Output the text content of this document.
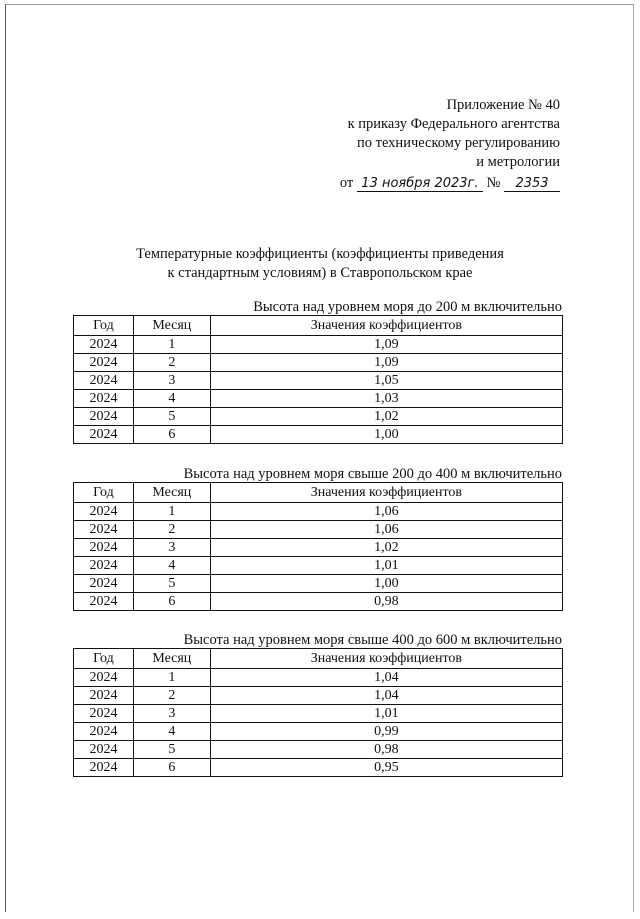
Приложение № 40
к приказу Федерального агентства
по техническому регулированию
и метрологии
от 13 ноября 2023г. № 2353
Температурные коэффициенты (коэффициенты приведения
к стандартным условиям) в Ставропольском крае
Высота над уровнем моря до 200 м включительно
Год	Месяц	Значения коэффициентов
2024	1	1,09
2024	2	1,09
2024	3	1,05
2024	4	1,03
2024	5	1,02
2024	6	1,00
Высота над уровнем моря свыше 200 до 400 м включительно
Год	Месяц	Значения коэффициентов
2024	1	1,06
2024	2	1,06
2024	3	1,02
2024	4	1,01
2024	5	1,00
2024	6	0,98
Высота над уровнем моря свыше 400 до 600 м включительно
Год	Месяц	Значения коэффициентов
2024	1	1,04
2024	2	1,04
2024	3	1,01
2024	4	0,99
2024	5	0,98
2024	6	0,95
